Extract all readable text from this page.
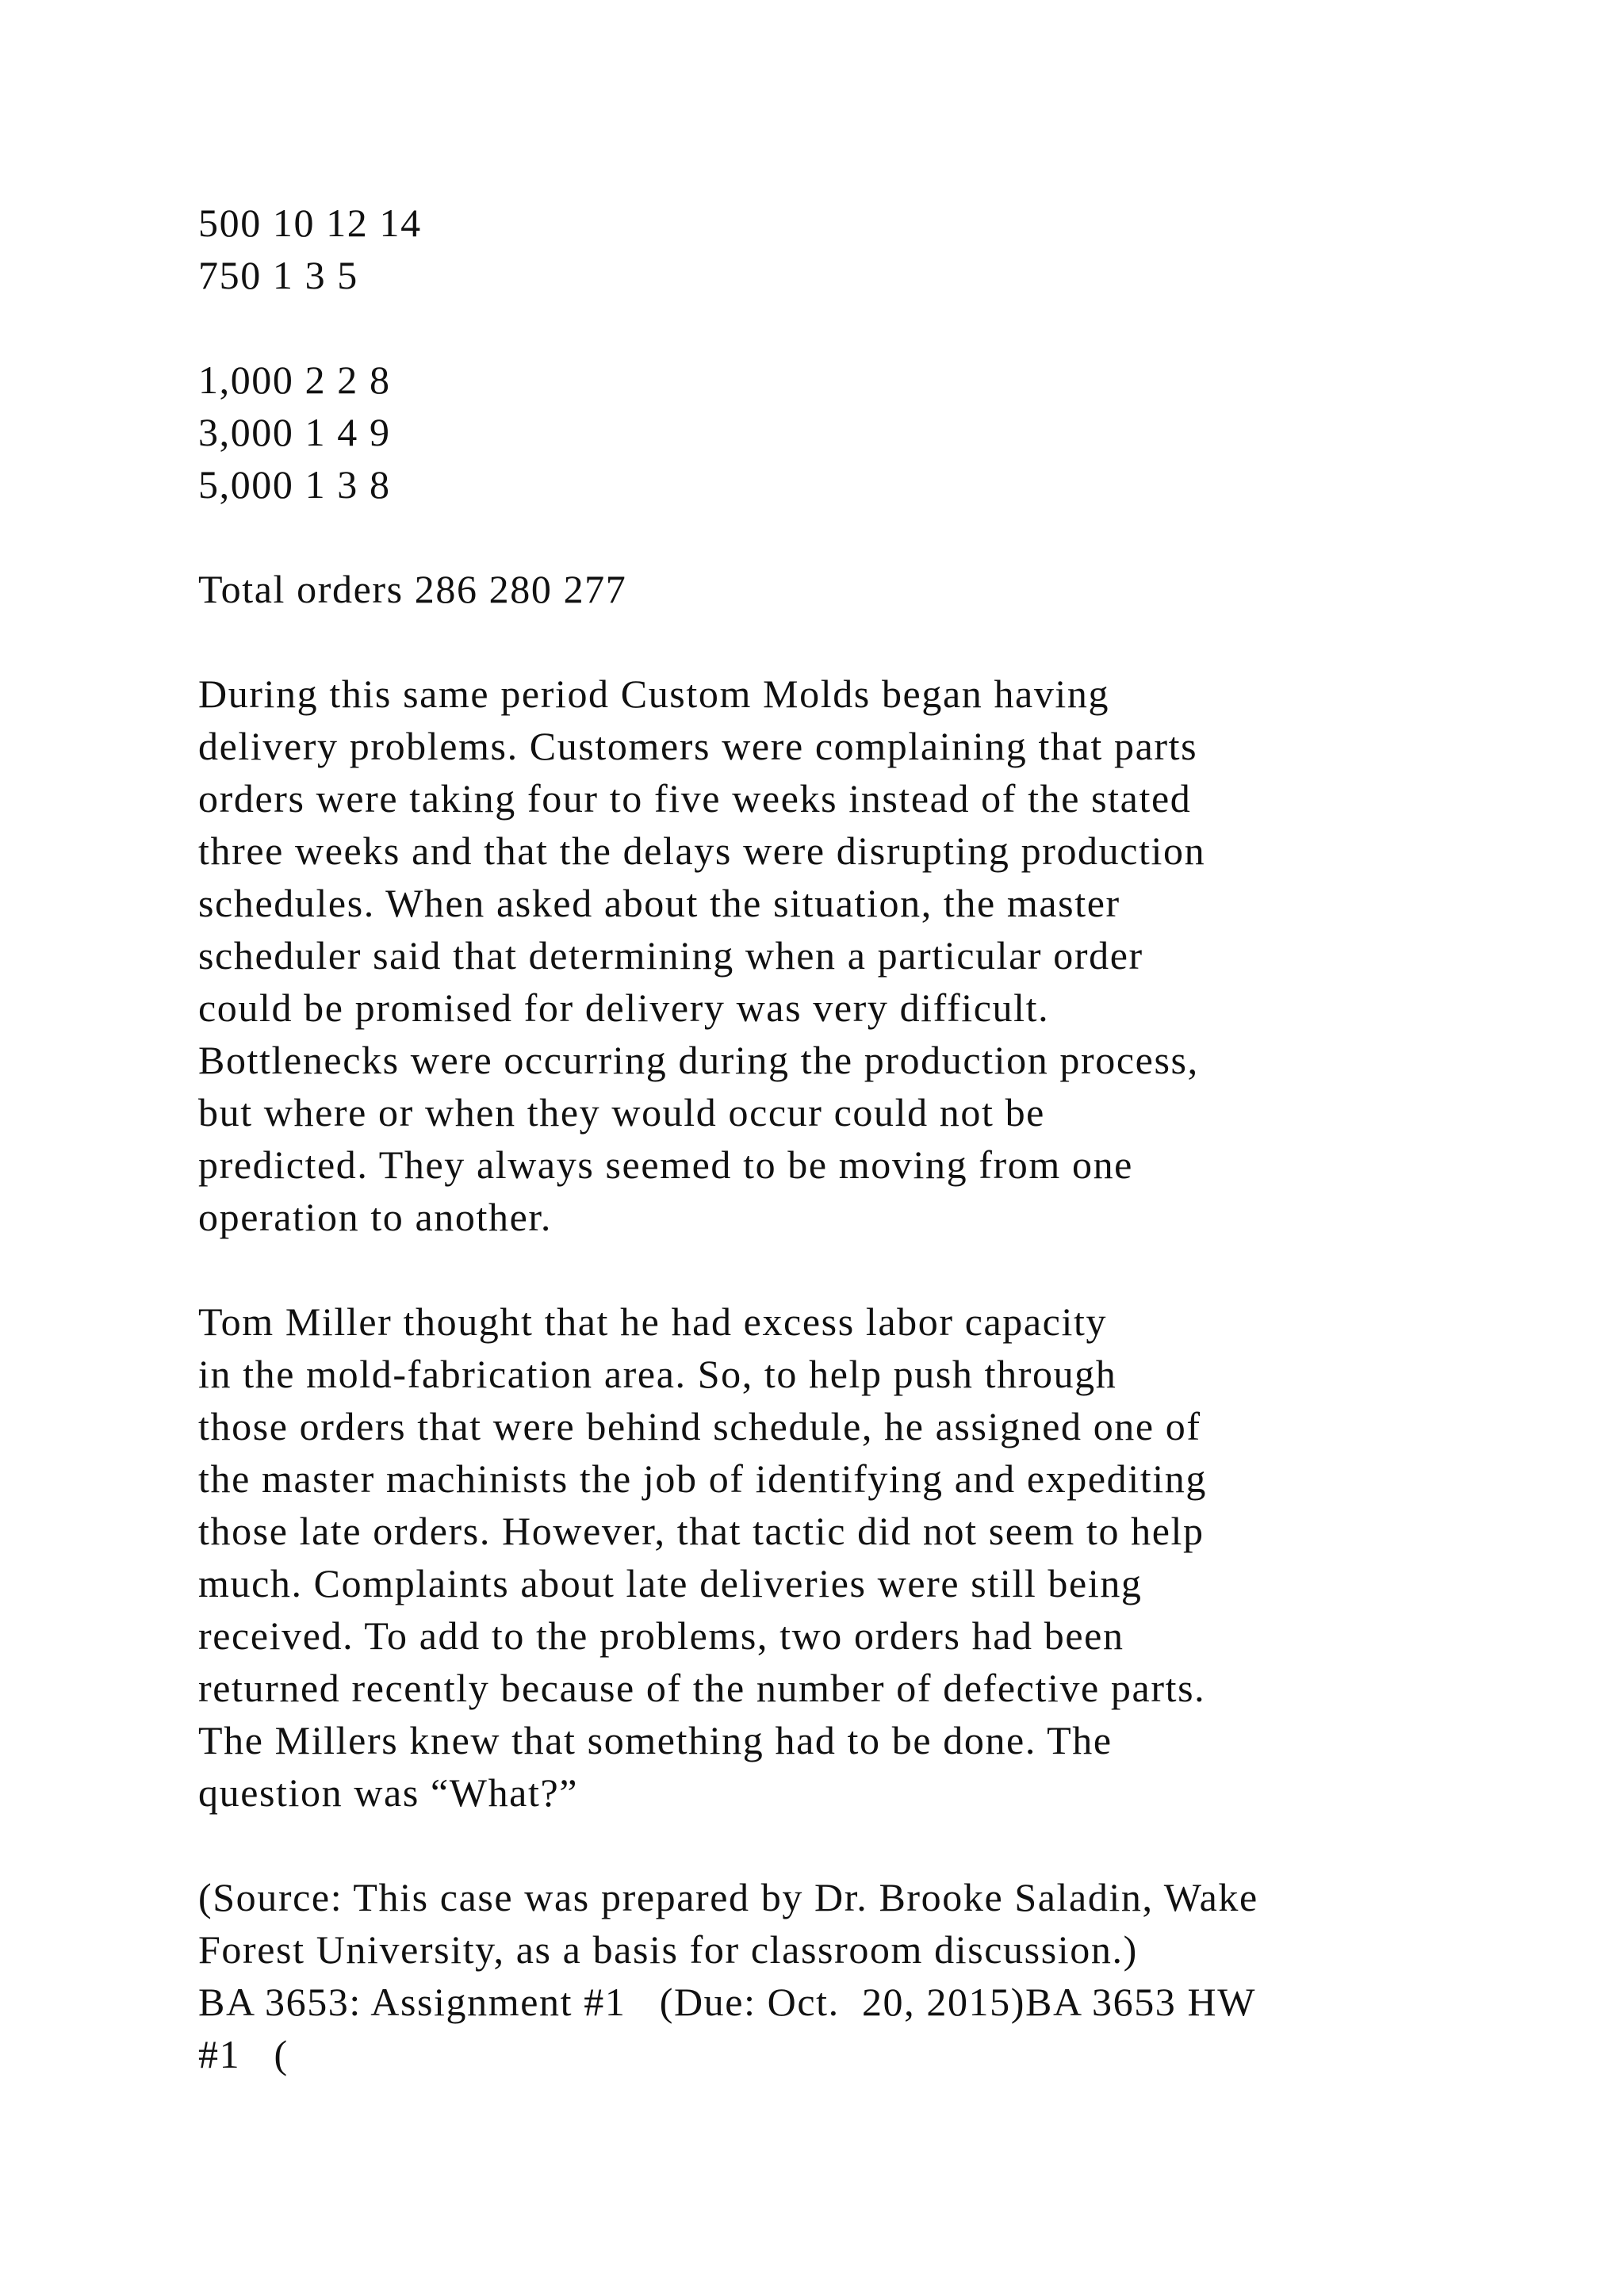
500 10 12 14
750 1 3 5
1,000 2 2 8
3,000 1 4 9
5,000 1 3 8
Total orders 286 280 277
During this same period Custom Molds began having
delivery problems. Customers were complaining that parts
orders were taking four to five weeks instead of the stated
three weeks and that the delays were disrupting production
schedules. When asked about the situation, the master
scheduler said that determining when a particular order
could be promised for delivery was very difficult.
Bottlenecks were occurring during the production process,
but where or when they would occur could not be
predicted. They always seemed to be moving from one
operation to another.
Tom Miller thought that he had excess labor capacity
in the mold-fabrication area. So, to help push through
those orders that were behind schedule, he assigned one of
the master machinists the job of identifying and expediting
those late orders. However, that tactic did not seem to help
much. Complaints about late deliveries were still being
received. To add to the problems, two orders had been
returned recently because of the number of defective parts.
The Millers knew that something had to be done. The
question was “What?”
(Source: This case was prepared by Dr. Brooke Saladin, Wake
Forest University, as a basis for classroom discussion.)
BA 3653: Assignment #1   (Due: Oct.  20, 2015)BA 3653 HW
#1   (
